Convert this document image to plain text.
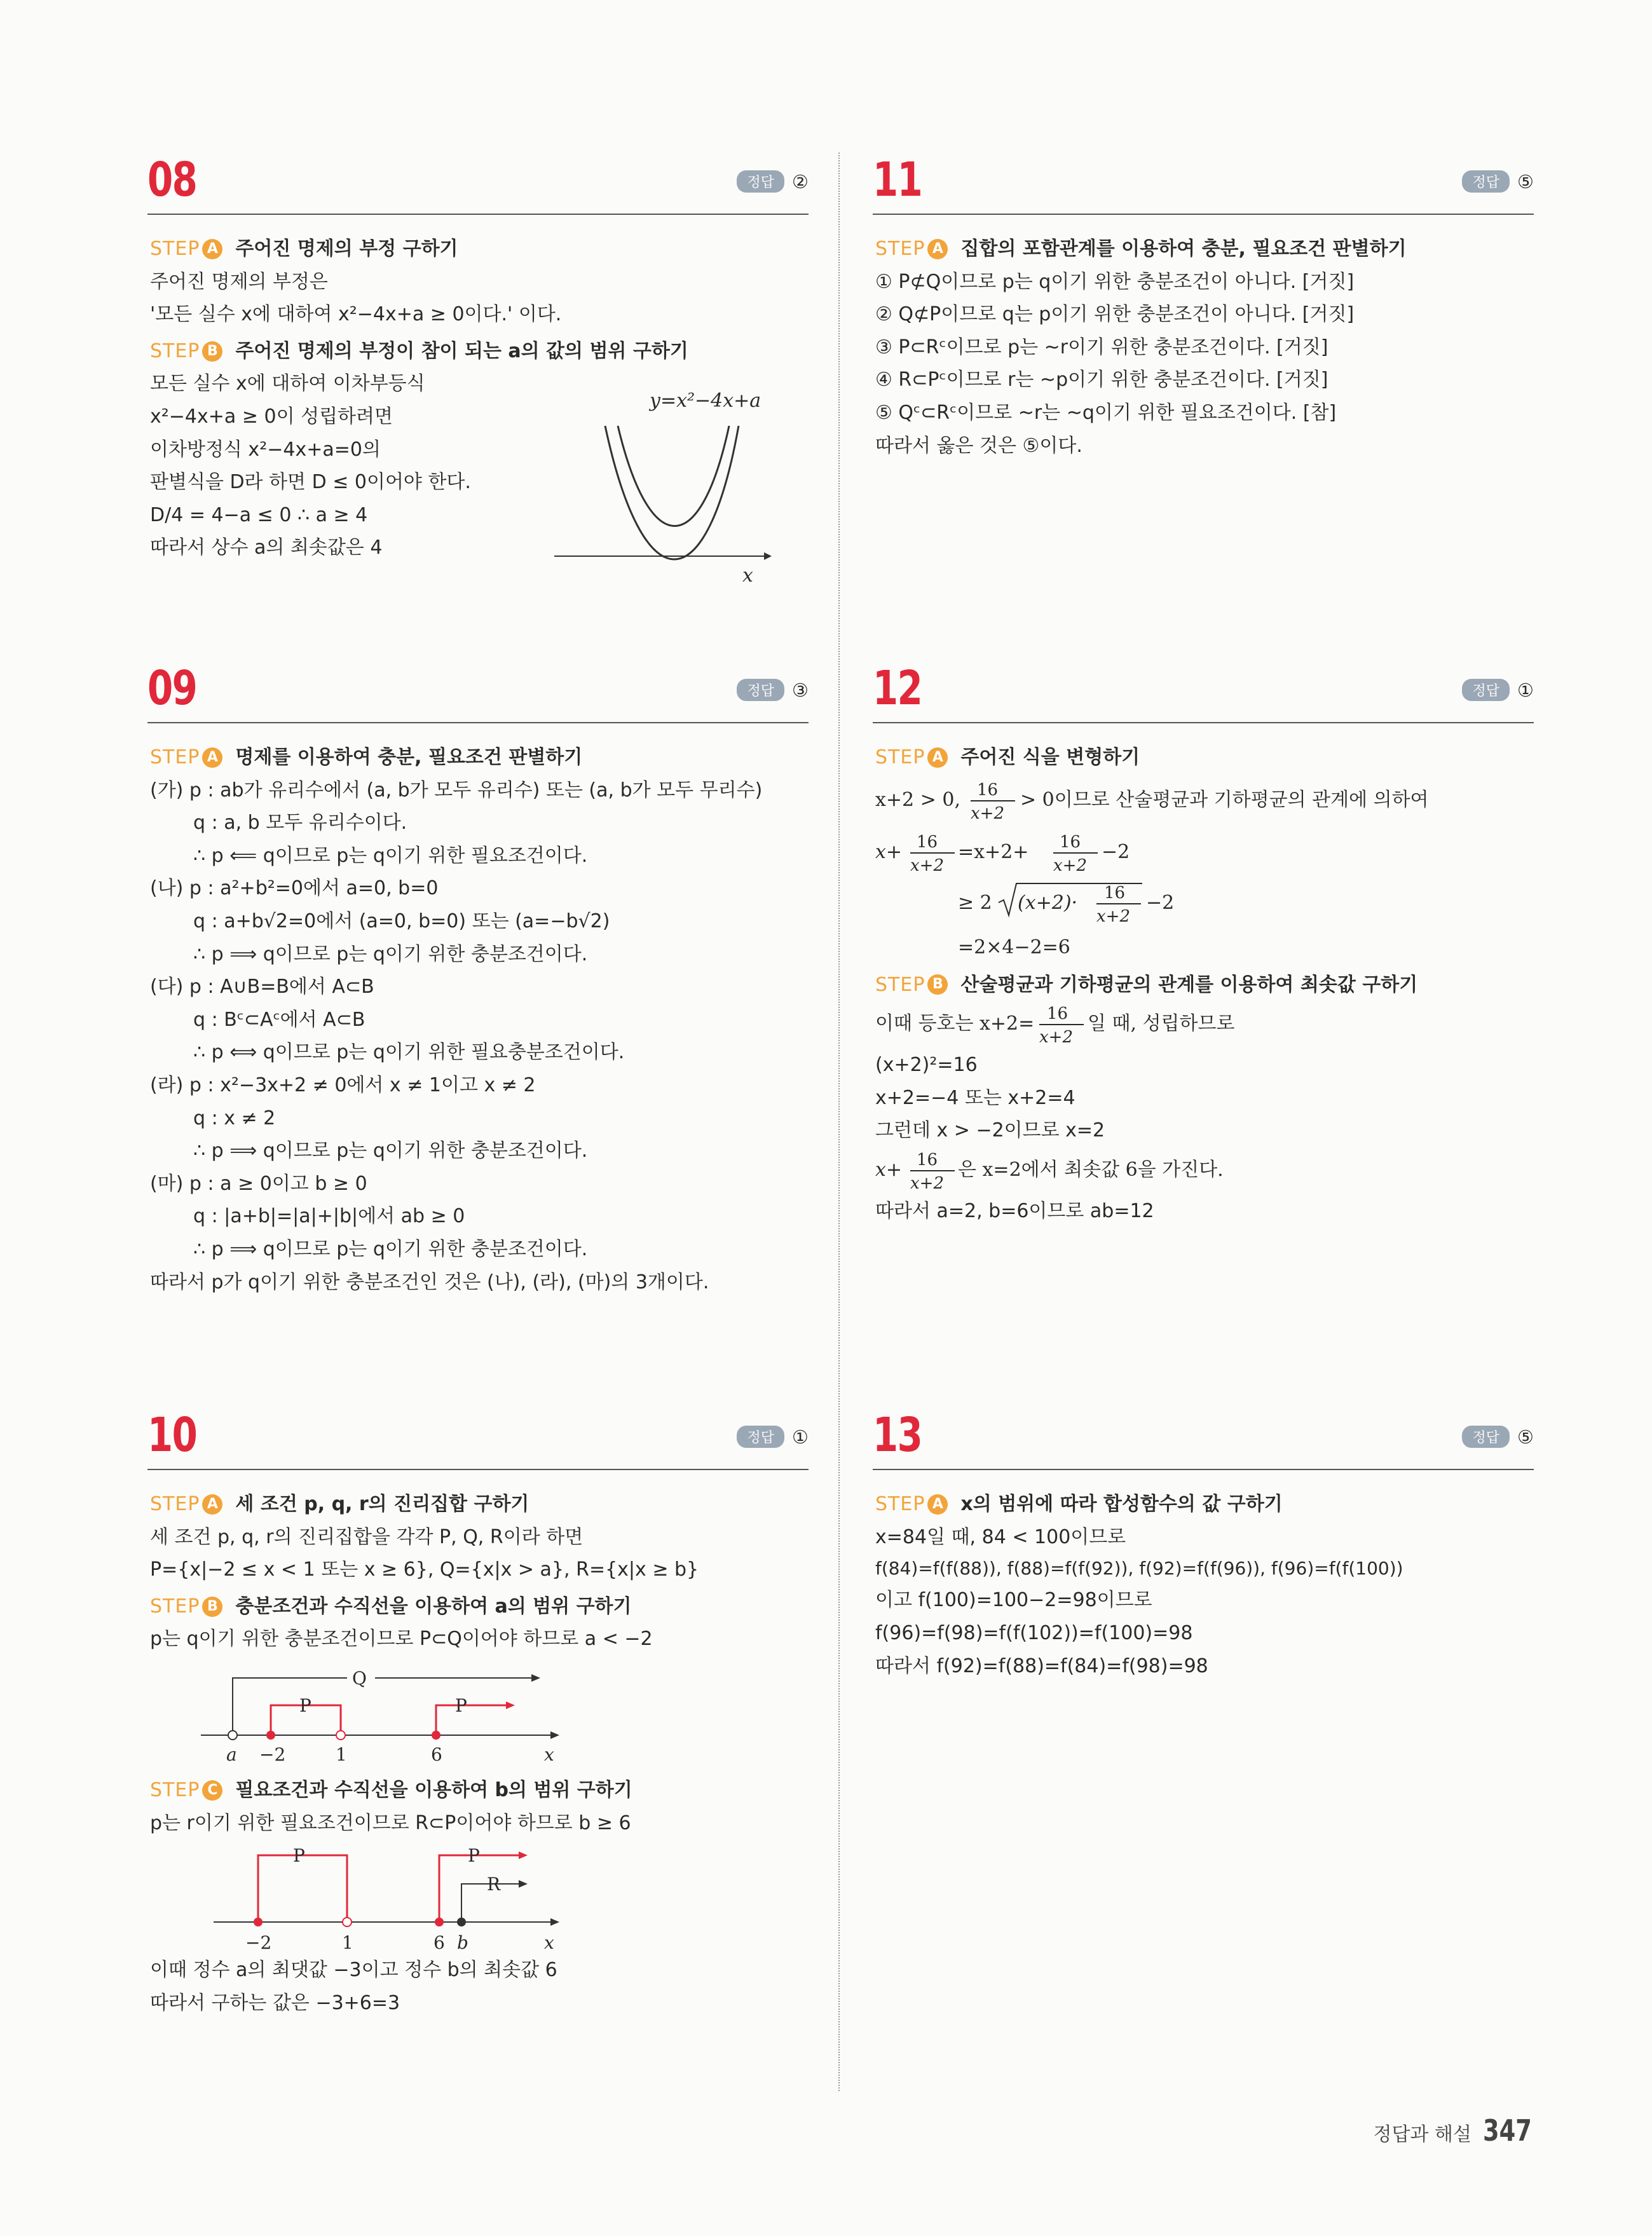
08	정답 ②
STEP A 주어진 명제의 부정 구하기
주어진 명제의 부정은
'모든 실수 x에 대하여 x²−4x+a ≥ 0이다.' 이다.
STEP B 주어진 명제의 부정이 참이 되는 a의 값의 범위 구하기
모든 실수 x에 대하여 이차부등식
x²−4x+a ≥ 0이 성립하려면
이차방정식 x²−4x+a=0의
판별식을 D라 하면 D ≤ 0이어야 한다.
D/4 = 4−a ≤ 0 ∴ a ≥ 4
따라서 상수 a의 최솟값은 4
y=x²−4x+a
x
09	정답 ③
STEP A 명제를 이용하여 충분, 필요조건 판별하기
(가) p : ab가 유리수에서 (a, b가 모두 유리수) 또는 (a, b가 모두 무리수)
q : a, b 모두 유리수이다.
∴ p ⟸ q이므로 p는 q이기 위한 필요조건이다.
(나) p : a²+b²=0에서 a=0, b=0
q : a+b√2=0에서 (a=0, b=0) 또는 (a=−b√2)
∴ p ⟹ q이므로 p는 q이기 위한 충분조건이다.
(다) p : A∪B=B에서 A⊂B
q : Bᶜ⊂Aᶜ에서 A⊂B
∴ p ⟺ q이므로 p는 q이기 위한 필요충분조건이다.
(라) p : x²−3x+2 ≠ 0에서 x ≠ 1이고 x ≠ 2
q : x ≠ 2
∴ p ⟹ q이므로 p는 q이기 위한 충분조건이다.
(마) p : a ≥ 0이고 b ≥ 0
q : |a+b|=|a|+|b|에서 ab ≥ 0
∴ p ⟹ q이므로 p는 q이기 위한 충분조건이다.
따라서 p가 q이기 위한 충분조건인 것은 (나), (라), (마)의 3개이다.
10	정답 ①
STEP A 세 조건 p, q, r의 진리집합 구하기
세 조건 p, q, r의 진리집합을 각각 P, Q, R이라 하면
P={x|−2 ≤ x < 1 또는 x ≥ 6}, Q={x|x > a}, R={x|x ≥ b}
STEP B 충분조건과 수직선을 이용하여 a의 범위 구하기
p는 q이기 위한 충분조건이므로 P⊂Q이어야 하므로 a < −2
Q
P	P
a −2	1	6	x
STEP C 필요조건과 수직선을 이용하여 b의 범위 구하기
p는 r이기 위한 필요조건이므로 R⊂P이어야 하므로 b ≥ 6
P	P
R
−2	1	6 b	x
이때 정수 a의 최댓값 −3이고 정수 b의 최솟값 6
따라서 구하는 값은 −3+6=3
11	정답 ⑤
STEP A 집합의 포함관계를 이용하여 충분, 필요조건 판별하기
① P⊄Q이므로 p는 q이기 위한 충분조건이 아니다. [거짓]
② Q⊄P이므로 q는 p이기 위한 충분조건이 아니다. [거짓]
③ P⊂Rᶜ이므로 p는 ~r이기 위한 충분조건이다. [거짓]
④ R⊂Pᶜ이므로 r는 ~p이기 위한 충분조건이다. [거짓]
⑤ Qᶜ⊂Rᶜ이므로 ~r는 ~q이기 위한 필요조건이다. [참]
따라서 옳은 것은 ⑤이다.
12	정답 ①
STEP A 주어진 식을 변형하기
x+2 > 0, 16
x+2
> 0이므로 산술평균과 기하평균의 관계에 의하여
x+ 16
x+2
=x+2+ 16
x+2
−2
≥ 2 (x+2)· 16
x+2
−2
=2×4−2=6
STEP B 산술평균과 기하평균의 관계를 이용하여 최솟값 구하기
이때 등호는 x+2= 16
x+2
일 때, 성립하므로
(x+2)²=16
x+2=−4 또는 x+2=4
그런데 x > −2이므로 x=2
x+ 16
x+2
은 x=2에서 최솟값 6을 가진다.
따라서 a=2, b=6이므로 ab=12
13	정답 ⑤
STEP A x의 범위에 따라 합성함수의 값 구하기
x=84일 때, 84 < 100이므로
f(84)=f(f(88)), f(88)=f(f(92)), f(92)=f(f(96)), f(96)=f(f(100))
이고 f(100)=100−2=98이므로
f(96)=f(98)=f(f(102))=f(100)=98
따라서 f(92)=f(88)=f(84)=f(98)=98
정답과 해설 347
